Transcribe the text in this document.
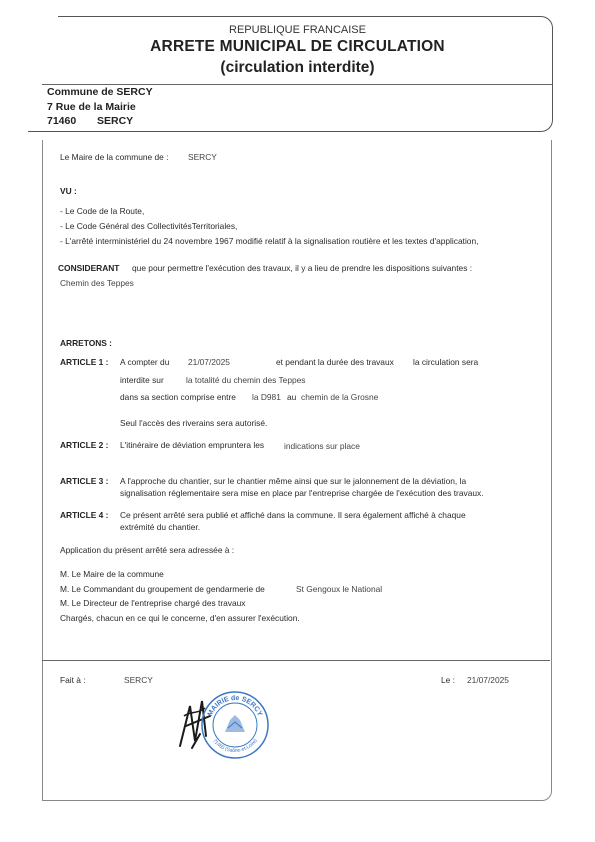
REPUBLIQUE FRANCAISE
ARRETE MUNICIPAL DE CIRCULATION
(circulation interdite)
Commune de SERCY
7 Rue de la Mairie
71460 SERCY
Le Maire de la commune de : SERCY
VU :
- Le Code de la Route,
- Le Code Général des CollectivitésTerritoriales,
- L'arrêté interministériel du 24 novembre 1967 modifié relatif à la signalisation routière et les textes d'application,
CONSIDERANT que pour permettre l'exécution des travaux, il y a lieu de prendre les dispositions suivantes :
Chemin des Teppes
ARRETONS :
ARTICLE 1 : A compter du 21/07/2025	et pendant la durée des travaux la circulation sera
interdite sur	la totalité du chemin des Teppes
dans sa section comprise entre la D981 au chemin de la Grosne
Seul l'accès des riverains sera autorisé.
ARTICLE 2 : L'itinéraire de déviation empruntera les indications sur place
ARTICLE 3 : A l'approche du chantier, sur le chantier même ainsi que sur le jalonnement de la déviation, la
signalisation réglementaire sera mise en place par l'entreprise chargée de l'exécution des travaux.
ARTICLE 4 : Ce présent arrêté sera publié et affiché dans la commune. Il sera également affiché à chaque
extrémité du chantier.
Application du présent arrêté sera adressée à :
M. Le Maire de la commune
M. Le Commandant du groupement de gendarmerie de	St Gengoux le National
M. Le Directeur de l'entreprise chargé des travaux
Chargés, chacun en ce qui le concerne, d'en assurer l'exécution.
Fait à :	SERCY	Le : 21/07/2025
MAIRIE de SERCY
71460 (Saône-et-Loire)
